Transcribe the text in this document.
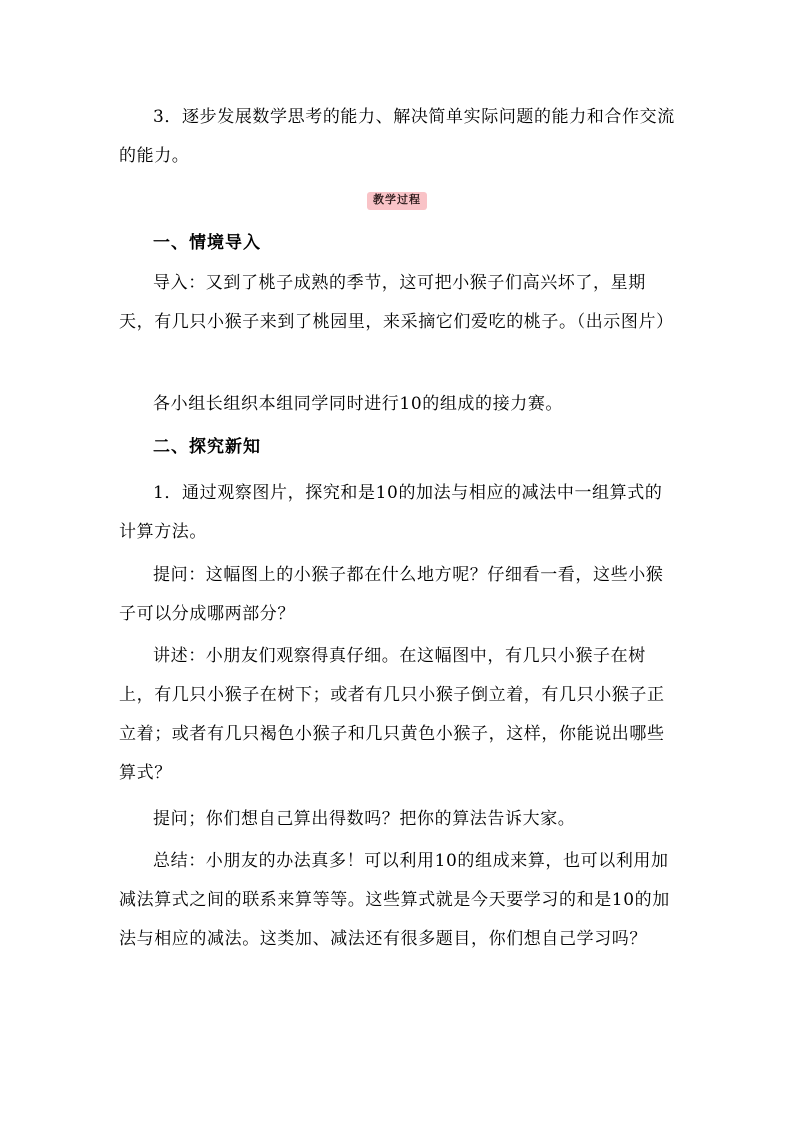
3．逐步发展数学思考的能力、解决简单实际问题的能力和合作交流的能力。

教学过程
一、情境导入

导入：又到了桃子成熟的季节，这可把小猴子们高兴坏了，星期天，有几只小猴子来到了桃园里，来采摘它们爱吃的桃子。（出示图片）

各小组长组织本组同学同时进行10的组成的接力赛。

二、探究新知

1．通过观察图片，探究和是10的加法与相应的减法中一组算式的计算方法。

提问：这幅图上的小猴子都在什么地方呢？仔细看一看，这些小猴子可以分成哪两部分？

讲述：小朋友们观察得真仔细。在这幅图中，有几只小猴子在树上，有几只小猴子在树下；或者有几只小猴子倒立着，有几只小猴子正立着；或者有几只褐色小猴子和几只黄色小猴子，这样，你能说出哪些算式？

提问；你们想自己算出得数吗？把你的算法告诉大家。

总结：小朋友的办法真多！可以利用10的组成来算，也可以利用加减法算式之间的联系来算等等。这些算式就是今天要学习的和是10的加法与相应的减法。这类加、减法还有很多题目，你们想自己学习吗？
